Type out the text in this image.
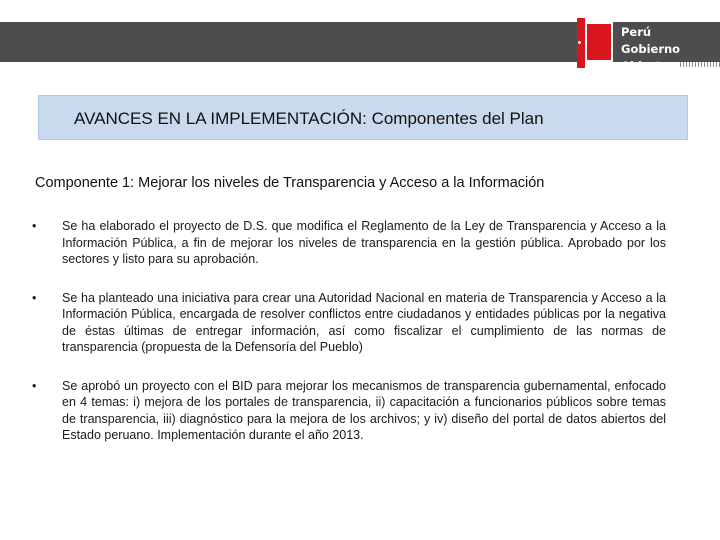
Perú
Gobierno Abierto
AVANCES EN LA IMPLEMENTACIÓN: Componentes del Plan
Componente 1: Mejorar los niveles de Transparencia y Acceso a la Información
• Se ha elaborado el proyecto de D.S. que modifica el Reglamento de la Ley de Transparencia y Acceso a la Información Pública, a fin de mejorar los niveles de transparencia en la gestión pública. Aprobado por los sectores y listo para su aprobación.
• Se ha planteado una iniciativa para crear una Autoridad Nacional en materia de Transparencia y Acceso a la Información Pública, encargada de resolver conflictos entre ciudadanos y entidades públicas por la negativa de éstas últimas de entregar información, así como fiscalizar el cumplimiento de las normas de transparencia (propuesta de la Defensoría del Pueblo)
• Se aprobó un proyecto con el BID para mejorar los mecanismos de transparencia gubernamental, enfocado en 4 temas: i) mejora de los portales de transparencia, ii) capacitación a funcionarios públicos sobre temas de transparencia, iii) diagnóstico para la mejora de los archivos; y iv) diseño del portal de datos abiertos del Estado peruano. Implementación durante el año 2013.
